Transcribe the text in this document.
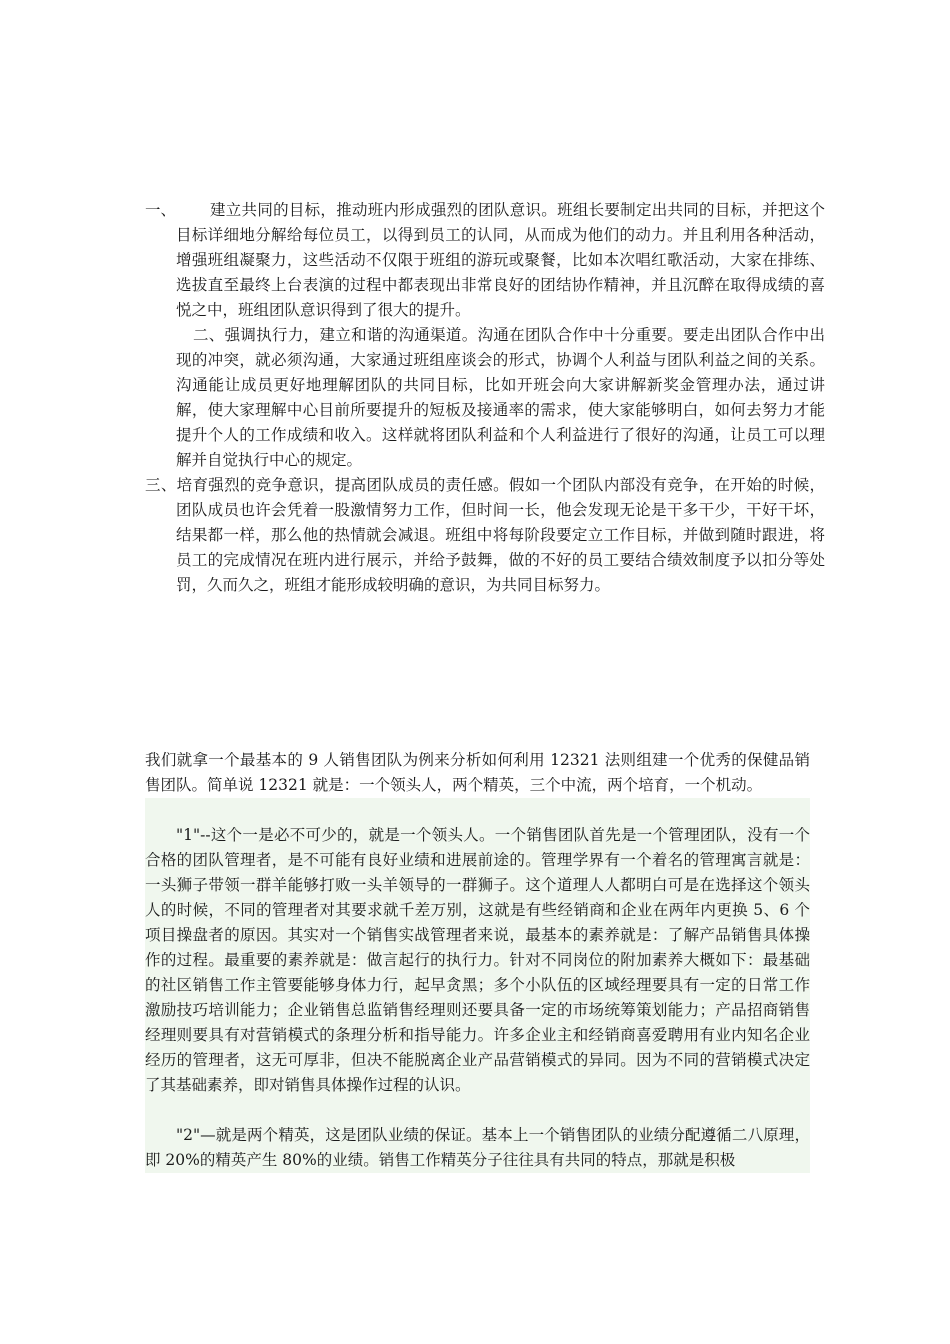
一、	建立共同的目标，推动班内形成强烈的团队意识。班组长要制定出共同的目标，并把这个目标详细地分解给每位员工，以得到员工的认同，从而成为他们的动力。并且利用各种活动，增强班组凝聚力，这些活动不仅限于班组的游玩或聚餐，比如本次唱红歌活动，大家在排练、选拔直至最终上台表演的过程中都表现出非常良好的团结协作精神，并且沉醉在取得成绩的喜悦之中，班组团队意识得到了很大的提升。

二、强调执行力，建立和谐的沟通渠道。沟通在团队合作中十分重要。要走出团队合作中出现的冲突，就必须沟通，大家通过班组座谈会的形式，协调个人利益与团队利益之间的关系。沟通能让成员更好地理解团队的共同目标，比如开班会向大家讲解新奖金管理办法，通过讲解，使大家理解中心目前所要提升的短板及接通率的需求，使大家能够明白，如何去努力才能提升个人的工作成绩和收入。这样就将团队利益和个人利益进行了很好的沟通，让员工可以理解并自觉执行中心的规定。

三、培育强烈的竞争意识，提高团队成员的责任感。假如一个团队内部没有竞争，在开始的时候，团队成员也许会凭着一股激情努力工作，但时间一长，他会发现无论是干多干少，干好干坏，结果都一样，那么他的热情就会减退。班组中将每阶段要定立工作目标，并做到随时跟进，将员工的完成情况在班内进行展示，并给予鼓舞，做的不好的员工要结合绩效制度予以扣分等处罚，久而久之，班组才能形成较明确的意识，为共同目标努力。

我们就拿一个最基本的 9 人销售团队为例来分析如何利用 12321 法则组建一个优秀的保健品销售团队。简单说 12321 就是：一个领头人，两个精英，三个中流，两个培育，一个机动。

"1"--这个一是必不可少的，就是一个领头人。一个销售团队首先是一个管理团队，没有一个合格的团队管理者，是不可能有良好业绩和进展前途的。管理学界有一个着名的管理寓言就是：一头狮子带领一群羊能够打败一头羊领导的一群狮子。这个道理人人都明白可是在选择这个领头人的时候，不同的管理者对其要求就千差万别，这就是有些经销商和企业在两年内更换 5、6 个项目操盘者的原因。其实对一个销售实战管理者来说，最基本的素养就是：了解产品销售具体操作的过程。最重要的素养就是：做言起行的执行力。针对不同岗位的附加素养大概如下：最基础的社区销售工作主管要能够身体力行，起早贪黑；多个小队伍的区域经理要具有一定的日常工作激励技巧培训能力；企业销售总监销售经理则还要具备一定的市场统筹策划能力；产品招商销售经理则要具有对营销模式的条理分析和指导能力。许多企业主和经销商喜爱聘用有业内知名企业经历的管理者，这无可厚非，但决不能脱离企业产品营销模式的异同。因为不同的营销模式决定了其基础素养，即对销售具体操作过程的认识。

"2"—就是两个精英，这是团队业绩的保证。基本上一个销售团队的业绩分配遵循二八原理，即 20%的精英产生 80%的业绩。销售工作精英分子往往具有共同的特点，那就是积极
